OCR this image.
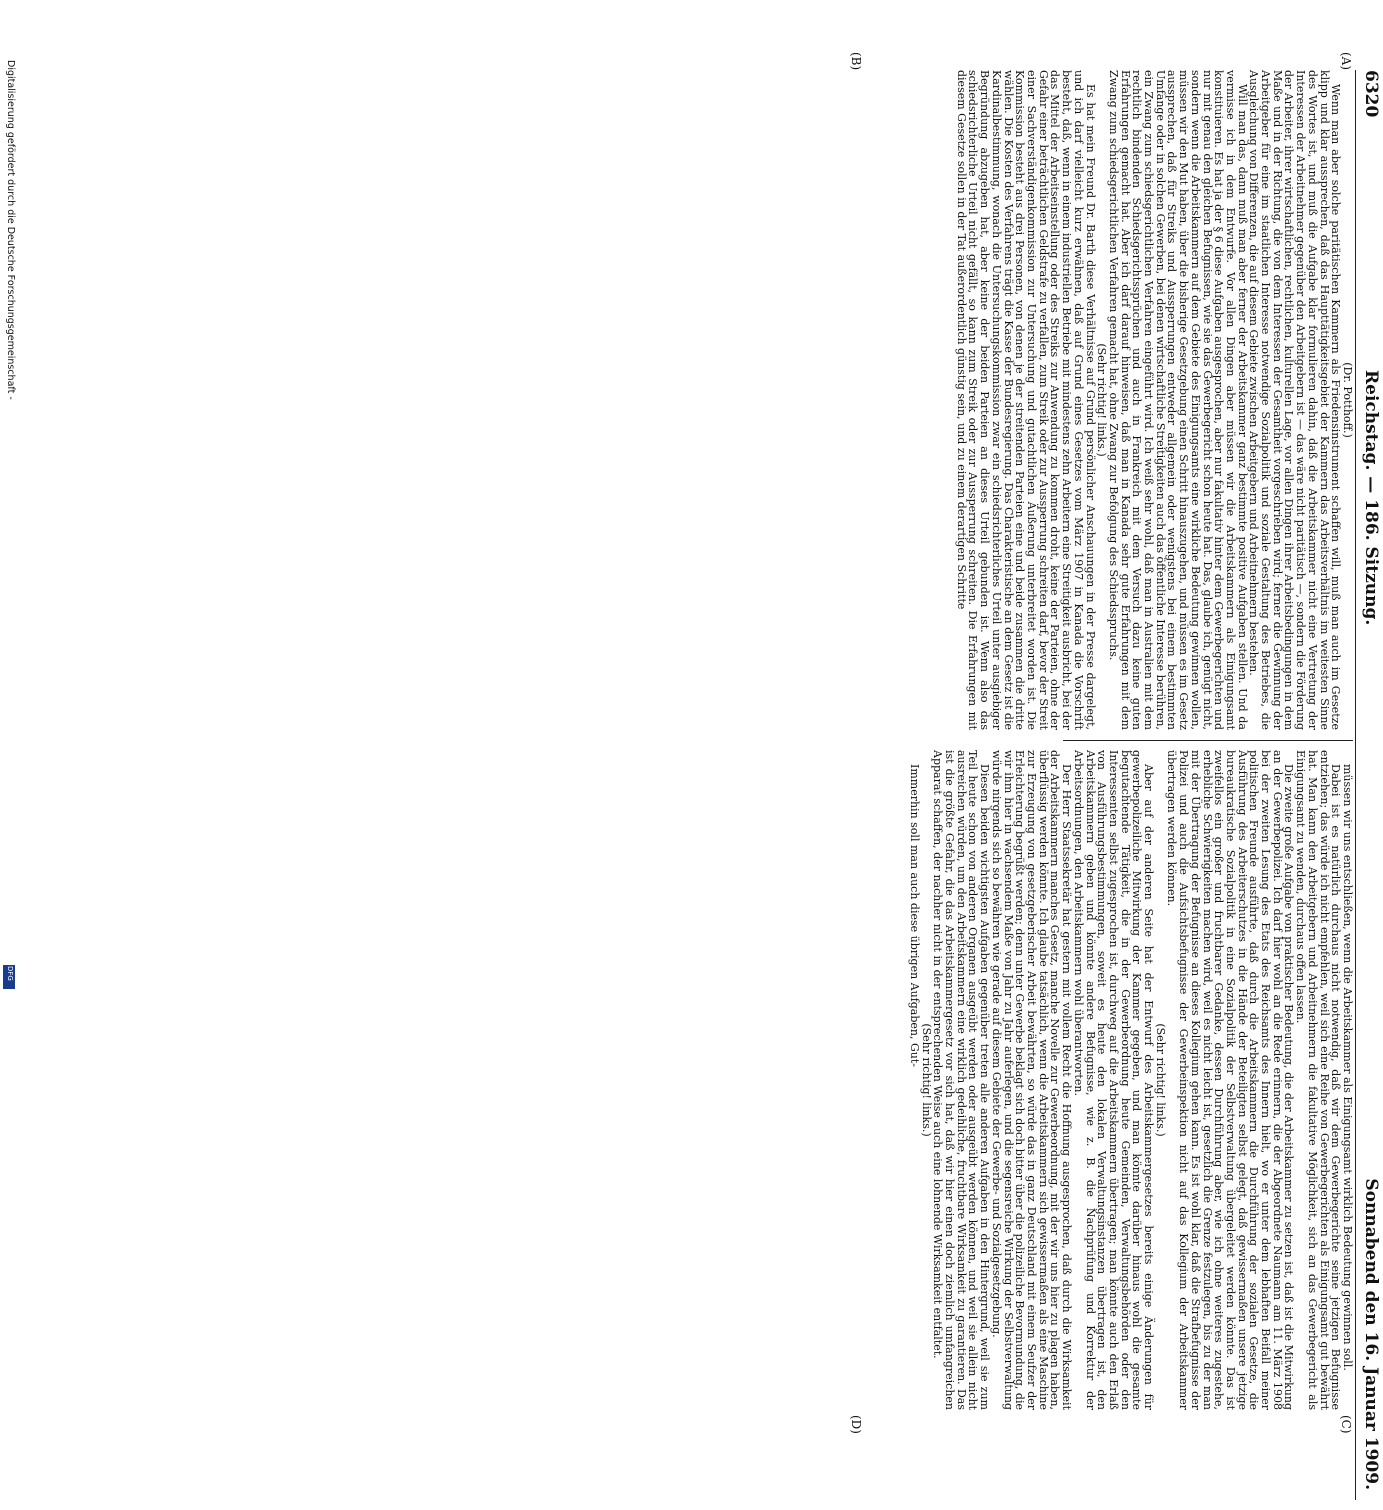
6320
Reichstag. — 186. Sitzung.
Sonnabend den 16. Januar 1909.
(A)
(B)
(C)
(D)

(Dr. Potthoff.)

Wenn man aber solche paritätischen Kammern als Friedensinstrument schaffen will, muß man auch im Gesetze klipp und klar aussprechen, daß das Haupttätigkeitsgebiet der Kammern das Arbeitsverhältnis im weitesten Sinne des Wortes ist, und muß die Aufgabe klar formulieren dahin, daß die Arbeitskammer nicht eine Vertretung der Interessen der Arbeitnehmer gegenüber den Arbeitgebern ist — das wäre nicht paritätisch —, sondern die Förderung der Arbeiter, ihrer wirtschaftlichen, rechtlichen, kulturellen Lage, vor allen Dingen ihrer Arbeitsbedingungen in dem Maße und in der Richtung, die von dem Interessen der Gesamtheit vorgeschrieben wird; ferner die Gewinnung der Arbeitgeber für eine im staatlichen Interesse notwendige Sozialpolitik und soziale Gestaltung des Betriebes, die Ausgleichung von Differenzen, die auf diesem Gebiete zwischen Arbeitgebern und Arbeitnehmern bestehen.

Will man das, dann muß man aber ferner der Arbeitskammer ganz bestimmte positive Aufgaben stellen. Und da vermisse ich in dem Entwurfe. Vor allen Dingen aber müssen wir die Arbeitskammern als Einigungsamt konstituieren. Es hat ja der § 6 diese Aufgaben ausgesprochen, aber nur fakultativ hinter dem Gewerbegerichten und nur mit genau den gleichen Befugnissen, wie sie das Gewerbegericht schon heute hat. Das, glaube ich, genügt nicht, sondern wenn die Arbeitskammern auf dem Gebiete des Einigungsamts eine wirkliche Bedeutung gewinnen wollen, müssen wir den Mut haben, über die bisherige Gesetzgebung einen Schritt hinauszugehen, und müssen es im Gesetz aussprechen, daß für Streiks und Aussperrungen entweder allgemein oder wenigstens bei einem bestimmten Umfange oder in solchen Gewerben, bei denen wirtschaftliche Streitigkeiten auch das öffentliche Interesse berühren, ein Zwang zum schiedsgerichtlichen Verfahren eingeführt wird. Ich weiß sehr wohl, daß man in Australien mit dem rechtlich bindenden Schiedsgerichtssprüchen und auch in Frankreich mit dem Versuch dazu keine guten Erfahrungen gemacht hat. Aber ich darf darauf hinweisen, daß man in Kanada sehr gute Erfahrungen mit dem Zwang zum schiedsgerichtlichen Verfahren gemacht hat, ohne Zwang zur Befolgung des Schiedsspruchs.

(Sehr richtig! links.)

Es hat mein Freund Dr. Barth diese Verhältnisse auf Grund persönlicher Anschauungen in der Presse dargelegt, und ich darf vielleicht kurz erwähnen, daß auf Grund eines Gesetzes vom März 1907 in Kanada die Vorschrift besteht, daß, wenn in einem industriellen Betriebe mit mindestens zehn Arbeitern eine Streitigkeit ausbricht, bei der das Mittel der Arbeitseinstellung oder des Streiks zur Anwendung zu kommen droht, keine der Parteien, ohne der Gefahr einer beträchtlichen Geldstrafe zu verfallen, zum Streik oder zur Aussperrung schreiten darf, bevor der Streit einer Sachverständigenkommission zur Untersuchung und gutachtlichen Äußerung unterbreitet worden ist. Die Kommission besteht aus drei Personen, von denen je der streitenden Parteien eine und beide zusammen die dritte wählen. Die Kosten des Verfahrens trägt die Kasse der Bundesregierung. Das Charakteristische an dem Gesetz ist die Kardinalbestimmung, wonach die Untersuchungskommission zwar ein schiedsrichterliches Urteil unter ausgiebiger Begründung abzugeben hat, aber keine der beiden Parteien an dieses Urteil gebunden ist. Wenn also das schiedsrichterliche Urteil nicht gefällt, so kann zum Streik oder zur Aussperrung schreiten. Die Erfahrungen mit diesem Gesetze sollen in der Tat außerordentlich günstig sein, und zu einem derartigen Schritte

müssen wir uns entschließen, wenn die Arbeitskammer als Einigungsamt wirklich Bedeutung gewinnen soll.

Dabei ist es natürlich durchaus nicht notwendig, daß wir dem Gewerbegerichte seine jetzigen Befugnisse entziehen; das würde ich nicht empfehlen, weil sich eine Reihe von Gewerbegerichten als Einigungsamt gut bewährt hat. Man kann den Arbeitgebern und Arbeitnehmern die fakultative Möglichkeit, sich an das Gewerbegericht als Einigungsamt zu wenden, durchaus offen lassen.

Die zweite große Aufgabe von praktischer Bedeutung, die der Arbeitskammer zu setzen ist, daß ist die Mitwirkung an der Gewerbepolizei. Ich darf hier wohl an die Rede erinnern, die der Abgeordnete Naumann am 11. März 1908 bei der zweiten Lesung des Etats des Reichsamts des Innern hielt, wo er unter dem lebhaften Beifall meiner politischen Freunde ausführte, daß durch die Arbeitskammern die Durchführung der sozialen Gesetze, die Ausführung des Arbeiterschutzes in die Hände der Beteiligten selbst gelegt, daß gewissermaßen unsere jetzige bureaukratische Sozialpolitik in eine Sozialpolitik der Selbstverwaltung übergeleitet werden könnte. Das ist zweifellos ein großer und fruchtbarer Gedanke, dessen Durchführung aber, wie ich ohne weiteres zugestehe, erhebliche Schwierigkeiten machen wird, weil es nicht leicht ist, gesetzlich die Grenze festzulegen, bis zu der man mit der Übertragung der Befugnisse an dieses Kollegium gehen kann. Es ist wohl klar, daß die Strafbefugnisse der Polizei und auch die Aufsichtsbefugnisse der Gewerbeinspektion nicht auf das Kollegium der Arbeitskammer übertragen werden können.

(Sehr richtig! links.)

Aber auf der anderen Seite hat der Entwurf des Arbeitskammergesetzes bereits einige Änderungen für gewerbepolizeiliche Mitwirkung der Kammer gegeben, und man könnte darüber hinaus wohl die gesamte begutachtende Tätigkeit, die in der Gewerbeordnung heute Gemeinden, Verwaltungsbehörden oder den Interessenten selbst zugesprochen ist, durchweg auf die Arbeitskammern übertragen; man könnte auch den Erlaß von Ausführungsbestimmungen, soweit es heute den lokalen Verwaltungsinstanzen übertragen ist, den Arbeitskammern geben und könnte andere Befugnisse, wie z. B. die Nachprüfung und Korrektur der Arbeitsordnungen, den Arbeitskammern wohl überantworten.

Der Herr Staatssekretär hat gestern mit vollem Recht die Hoffnung ausgesprochen, daß durch die Wirksamkeit der Arbeitskammern manches Gesetz, manche Novelle zur Gewerbeordnung, mit der wir uns hier zu plagen haben, überflüssig werden könnte. Ich glaube tatsächlich, wenn die Arbeitskammern sich gewissermaßen als eine Maschine zur Erzeugung von gesetzgeberischer Arbeit bewährten, so würde das in ganz Deutschland mit einem Seufzer der Erleichterung begrüßt werden; denn unter Gewerbe beklagt sich doch bitter über die polizeiliche Bevormundung, die wir ihm hier in wachsendem Maße von Jahr zu Jahr auferlegen, und die segensreiche Wirkung der Selbstverwaltung würde nirgends sich so bewähren wie gerade auf diesem Gebiete der Gewerbe- und Sozialgesetzgebung.

Diesen beiden wichtigsten Aufgaben gegenüber treten alle anderen Aufgaben in den Hintergrund, weil sie zum Teil heute schon von anderen Organen ausgeübt werden oder ausgeübt werden können, und weil sie allein nicht ausreichen würden, um den Arbeitskammern eine wirklich gedeihliche, fruchtbare Wirksamkeit zu garantieren. Das ist die größte Gefahr, die das Arbeitskammergesetz vor sich hat, daß wir hier einen doch ziemlich umfangreichen Apparat schaffen, der nachher nicht in der entsprechenden Weise auch eine lohnende Wirksamkeit entfaltet.

(Sehr richtig! links.)

Immerhin soll man auch diese übrigen Aufgaben, Gut-

Digitalisierung gefördert durch die Deutsche Forschungsgemeinschaft -
DFG
